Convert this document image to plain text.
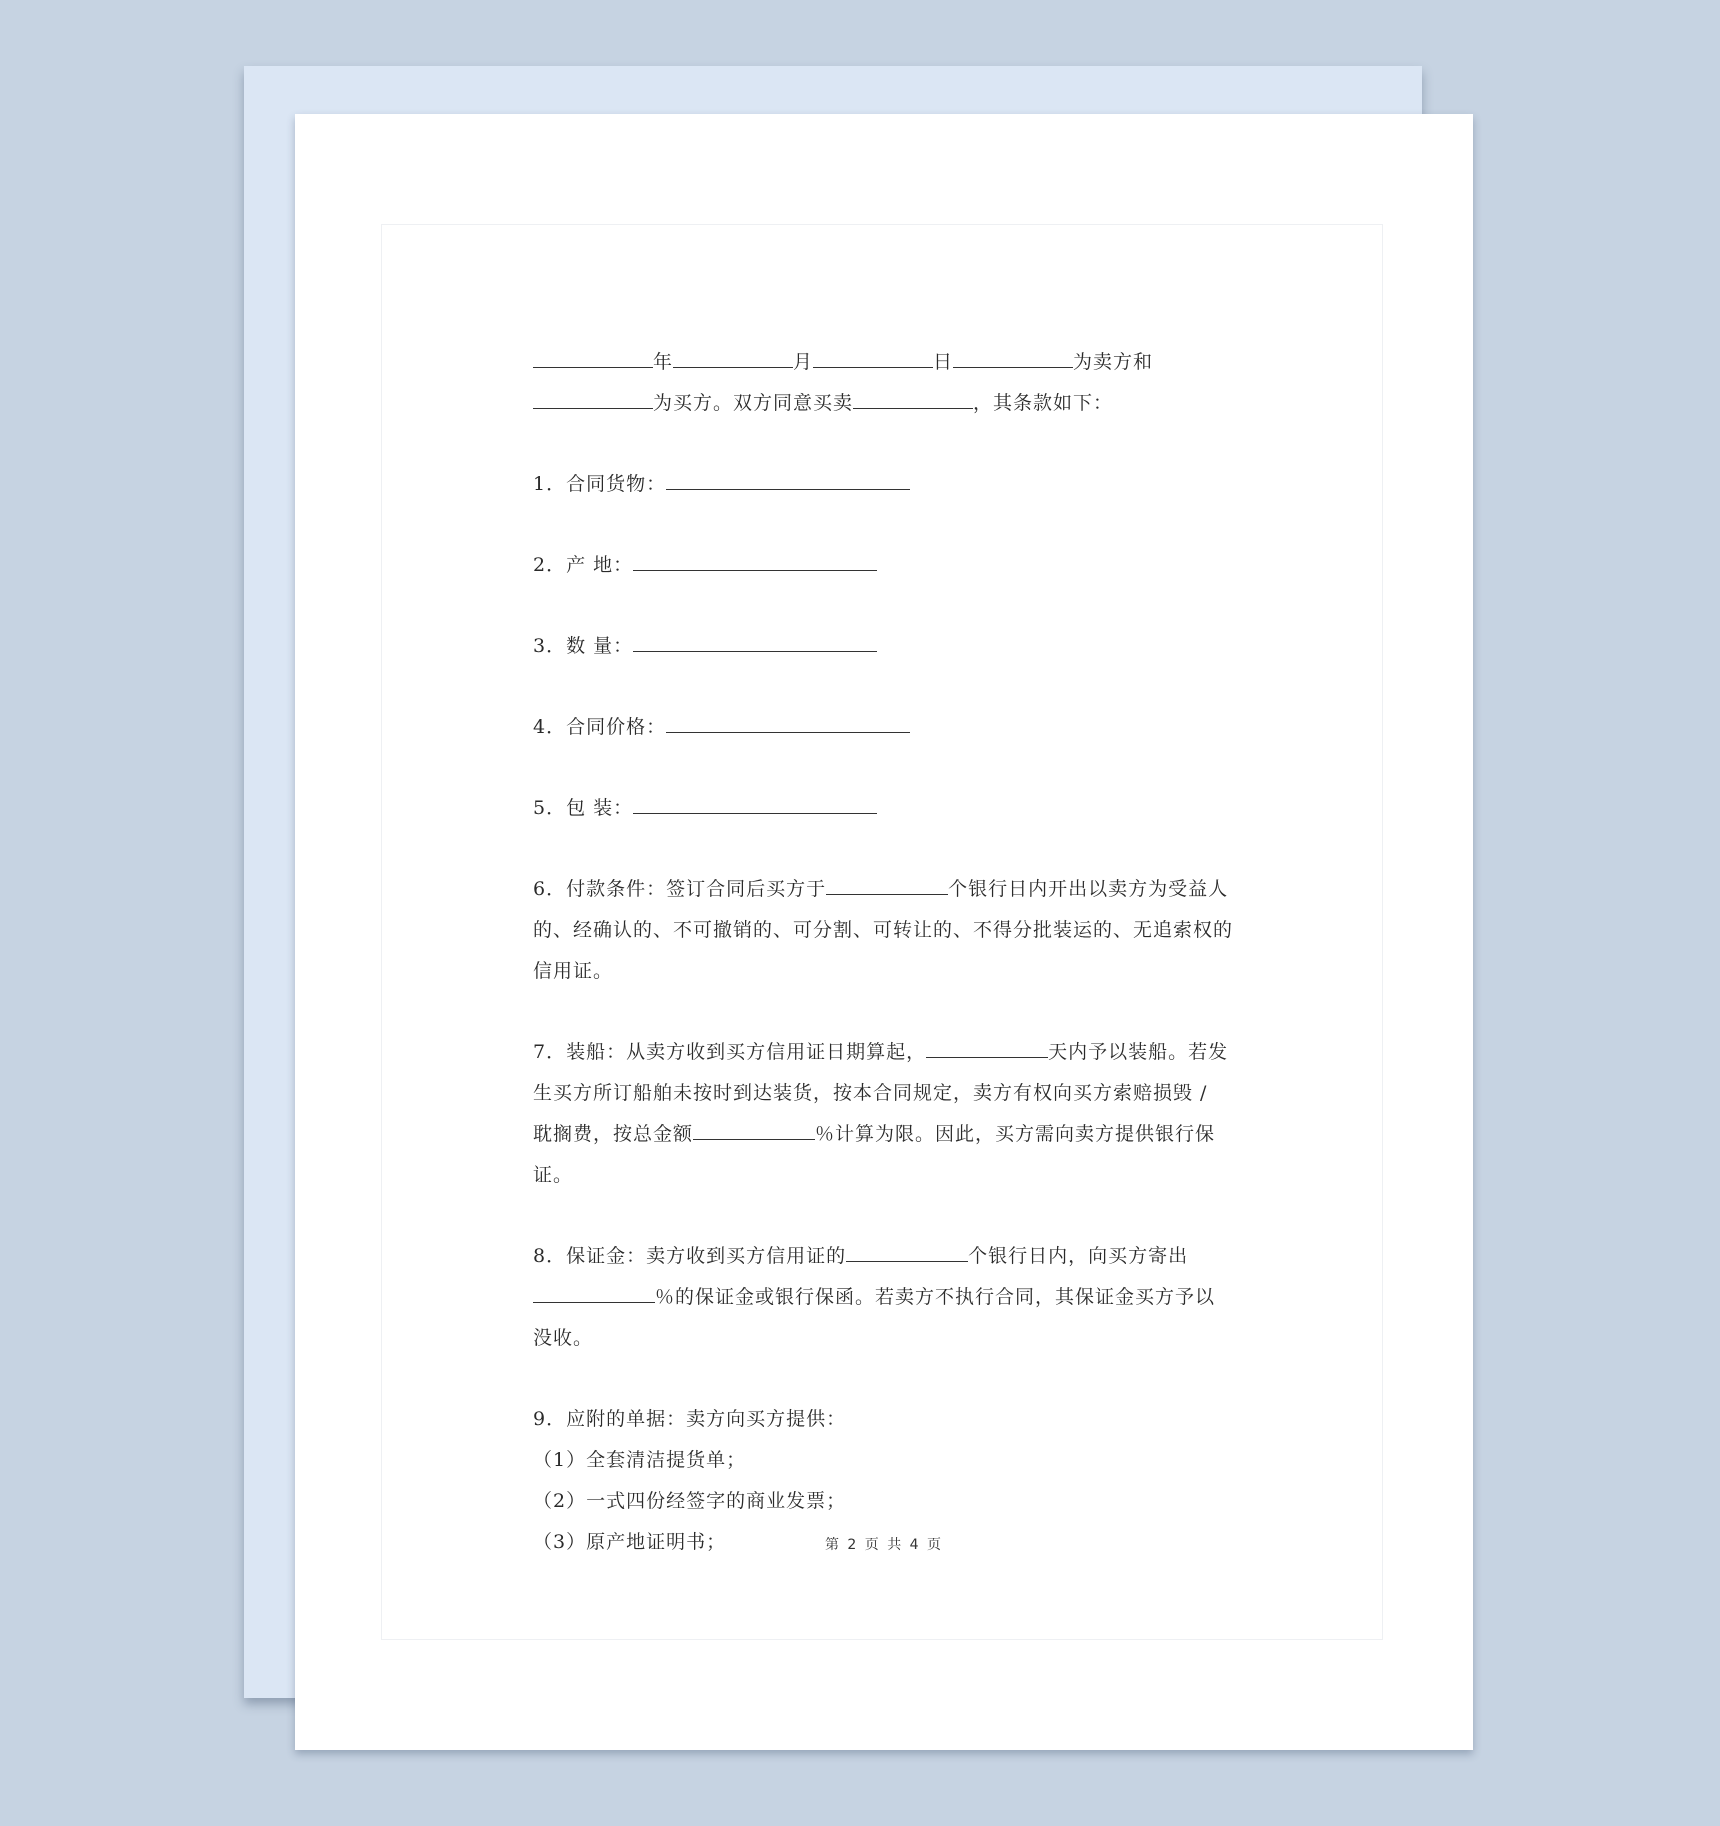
年	月	日	为卖方和
为买方。双方同意买卖	，其条款如下：
1．合同货物：
2．产 地：
3．数 量：
4．合同价格：
5．包 装：
6．付款条件：签订合同后买方于	个银行日内开出以卖方为受益人的、经确认的、不可撤销的、可分割、可转让的、不得分批装运的、无追索权的信用证。
7．装船：从卖方收到买方信用证日期算起，	天内予以装船。若发生买方所订船舶未按时到达装货，按本合同规定，卖方有权向买方索赔损毁 / 耽搁费，按总金额	％计算为限。因此，买方需向卖方提供银行保证。
8．保证金：卖方收到买方信用证的	个银行日内，向买方寄出％的保证金或银行保函。若卖方不执行合同，其保证金买方予以没收。
9．应附的单据：卖方向买方提供：
（1）全套清洁提货单；
（2）一式四份经签字的商业发票；
（3）原产地证明书；	第 2 页 共 4 页
